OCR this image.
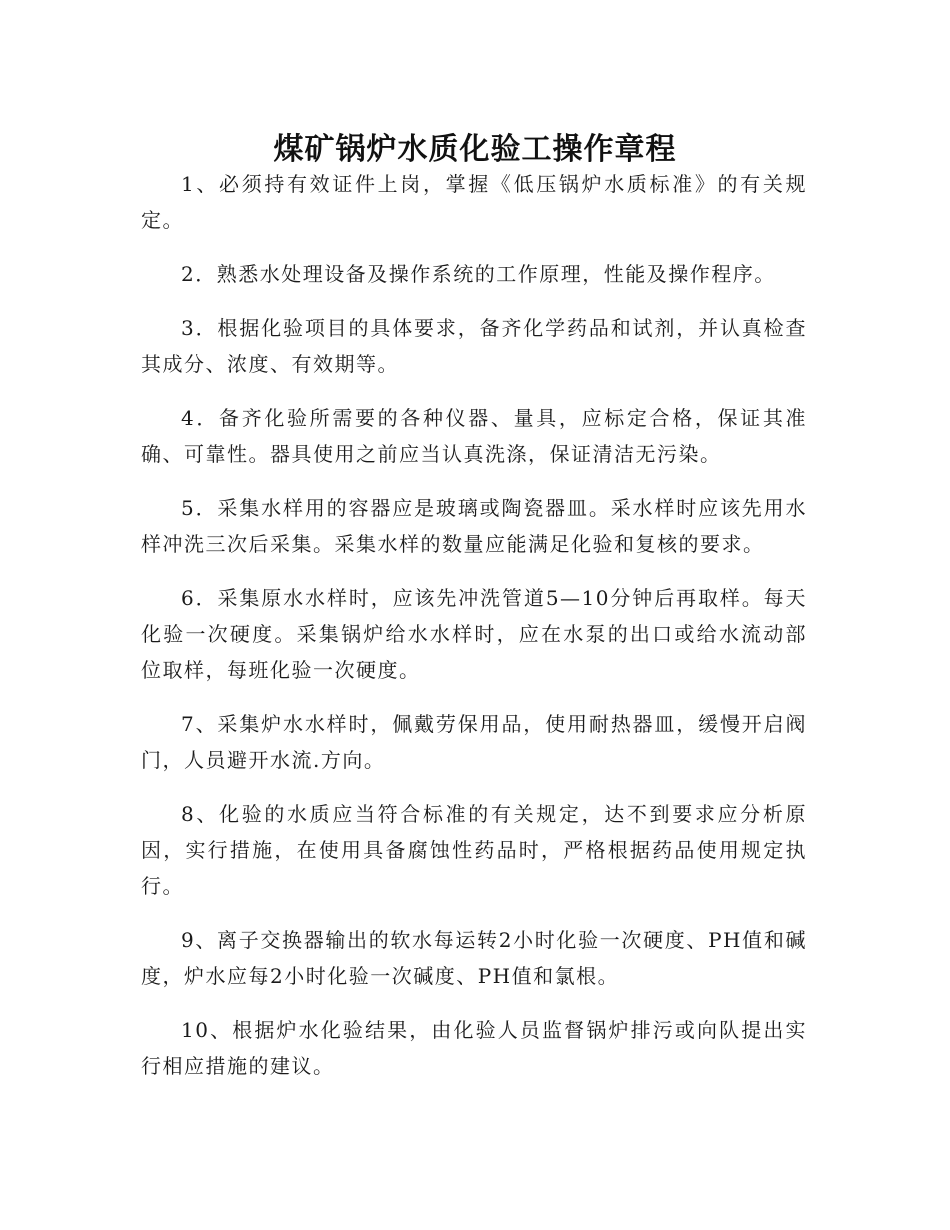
煤矿锅炉水质化验工操作章程

1、必须持有效证件上岗，掌握《低压锅炉水质标准》的有关规定。

2．熟悉水处理设备及操作系统的工作原理，性能及操作程序。

3．根据化验项目的具体要求，备齐化学药品和试剂，并认真检查其成分、浓度、有效期等。

4．备齐化验所需要的各种仪器、量具，应标定合格，保证其准确、可靠性。器具使用之前应当认真洗涤，保证清洁无污染。

5．采集水样用的容器应是玻璃或陶瓷器皿。采水样时应该先用水样冲洗三次后采集。采集水样的数量应能满足化验和复核的要求。

6．采集原水水样时，应该先冲洗管道5—10分钟后再取样。每天化验一次硬度。采集锅炉给水水样时，应在水泵的出口或给水流动部位取样，每班化验一次硬度。

7、采集炉水水样时，佩戴劳保用品，使用耐热器皿，缓慢开启阀门，人员避开水流.方向。

8、化验的水质应当符合标准的有关规定，达不到要求应分析原因，实行措施，在使用具备腐蚀性药品时，严格根据药品使用规定执行。

9、离子交换器输出的软水每运转2小时化验一次硬度、PH值和碱度，炉水应每2小时化验一次碱度、PH值和氯根。

10、根据炉水化验结果，由化验人员监督锅炉排污或向队提出实行相应措施的建议。
